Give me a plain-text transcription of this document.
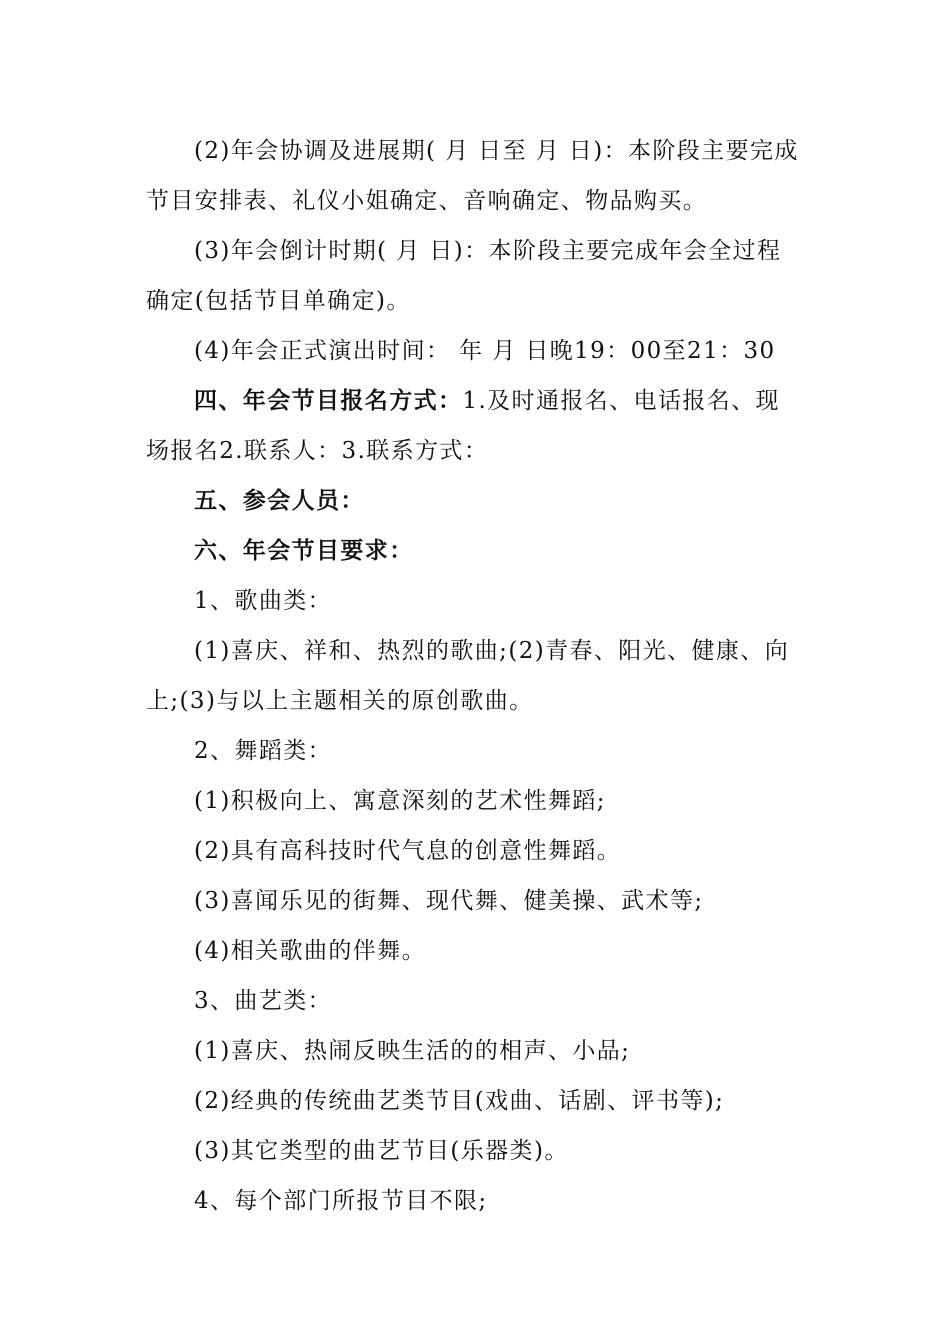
(2)年会协调及进展期( 月 日至 月 日)：本阶段主要完成节目安排表、礼仪小姐确定、音响确定、物品购买。

(3)年会倒计时期( 月 日)：本阶段主要完成年会全过程确定(包括节目单确定)。

(4)年会正式演出时间： 年 月 日晚19：00至21：30

四、年会节目报名方式：1.及时通报名、电话报名、现场报名2.联系人：3.联系方式：

五、参会人员：

六、年会节目要求：

1、歌曲类：

(1)喜庆、祥和、热烈的歌曲;(2)青春、阳光、健康、向上;(3)与以上主题相关的原创歌曲。

2、舞蹈类：

(1)积极向上、寓意深刻的艺术性舞蹈;

(2)具有高科技时代气息的创意性舞蹈。

(3)喜闻乐见的街舞、现代舞、健美操、武术等;

(4)相关歌曲的伴舞。

3、曲艺类：

(1)喜庆、热闹反映生活的的相声、小品;

(2)经典的传统曲艺类节目(戏曲、话剧、评书等);

(3)其它类型的曲艺节目(乐器类)。

4、每个部门所报节目不限;
